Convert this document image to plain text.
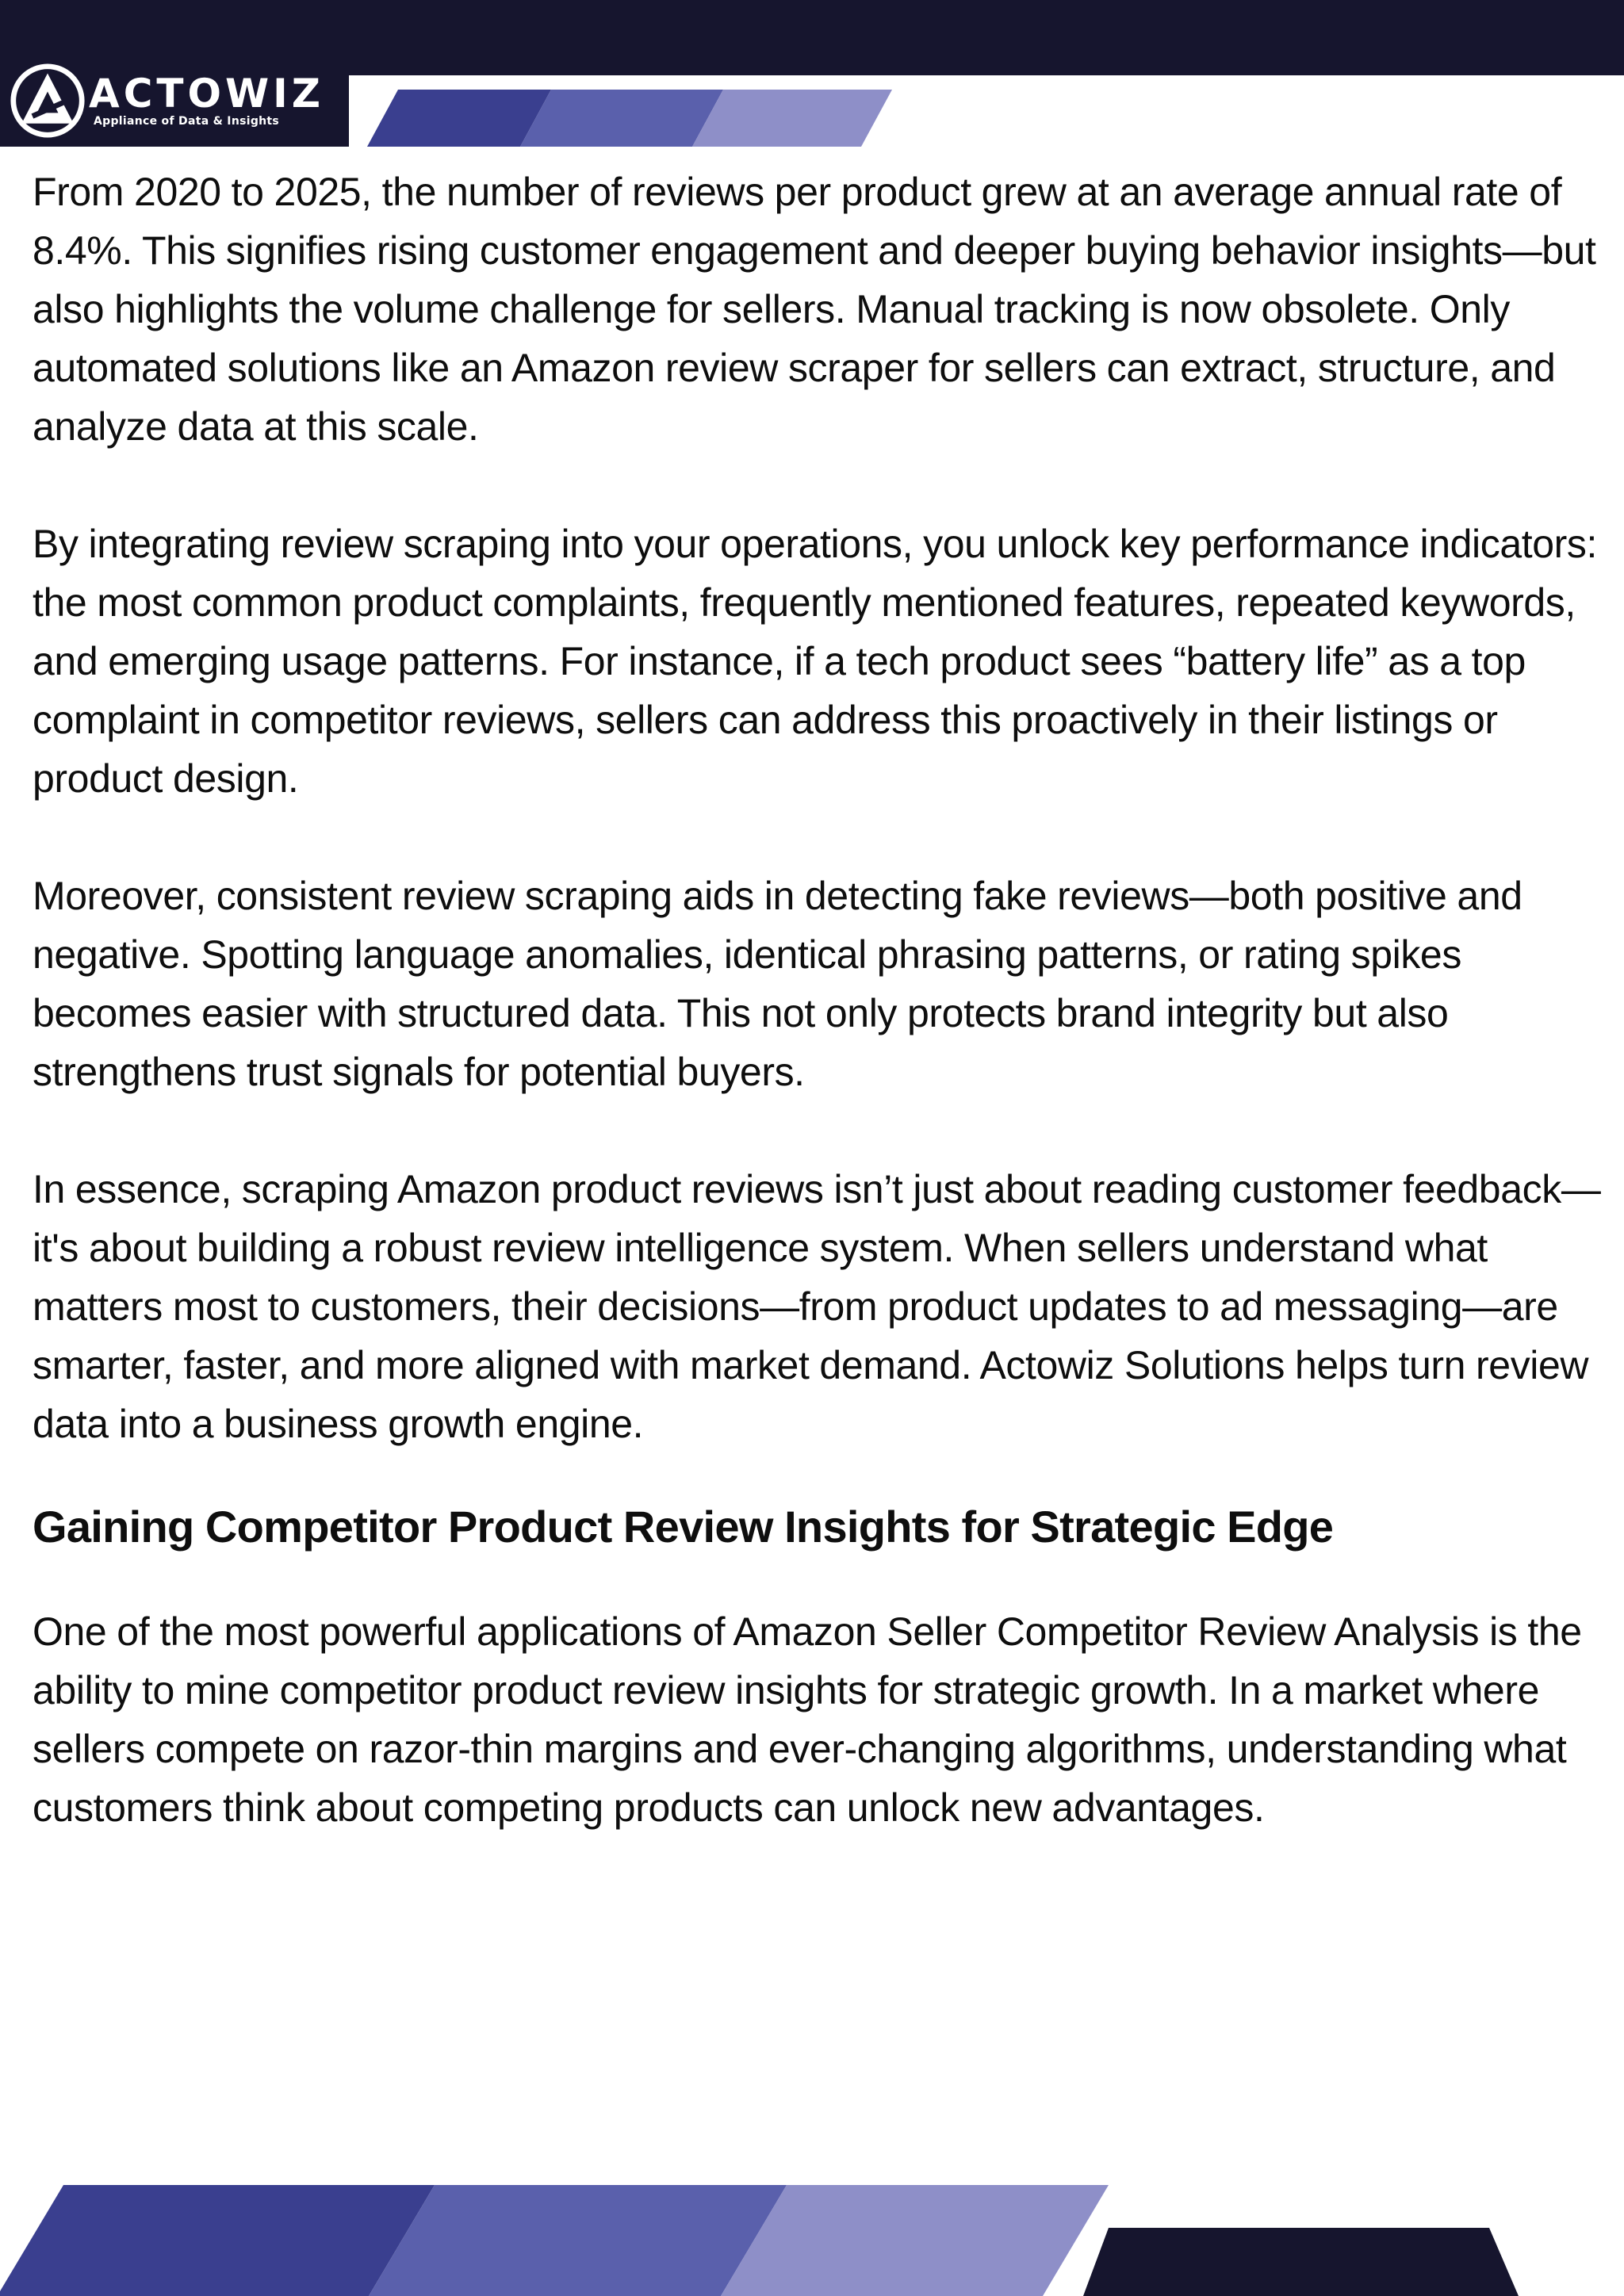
ACTOWIZ
Appliance of Data & Insights

From 2020 to 2025, the number of reviews per product grew at an average annual rate of 8.4%. This signifies rising customer engagement and deeper buying behavior insights—but also highlights the volume challenge for sellers. Manual tracking is now obsolete. Only automated solutions like an Amazon review scraper for sellers can extract, structure, and analyze data at this scale.

By integrating review scraping into your operations, you unlock key performance indicators: the most common product complaints, frequently mentioned features, repeated keywords, and emerging usage patterns. For instance, if a tech product sees “battery life” as a top complaint in competitor reviews, sellers can address this proactively in their listings or product design.

Moreover, consistent review scraping aids in detecting fake reviews—both positive and negative. Spotting language anomalies, identical phrasing patterns, or rating spikes becomes easier with structured data. This not only protects brand integrity but also strengthens trust signals for potential buyers.

In essence, scraping Amazon product reviews isn’t just about reading customer feedback—it's about building a robust review intelligence system. When sellers understand what matters most to customers, their decisions—from product updates to ad messaging—are smarter, faster, and more aligned with market demand. Actowiz Solutions helps turn review data into a business growth engine.

Gaining Competitor Product Review Insights for Strategic Edge

One of the most powerful applications of Amazon Seller Competitor Review Analysis is the ability to mine competitor product review insights for strategic growth. In a market where sellers compete on razor-thin margins and ever-changing algorithms, understanding what customers think about competing products can unlock new advantages.
